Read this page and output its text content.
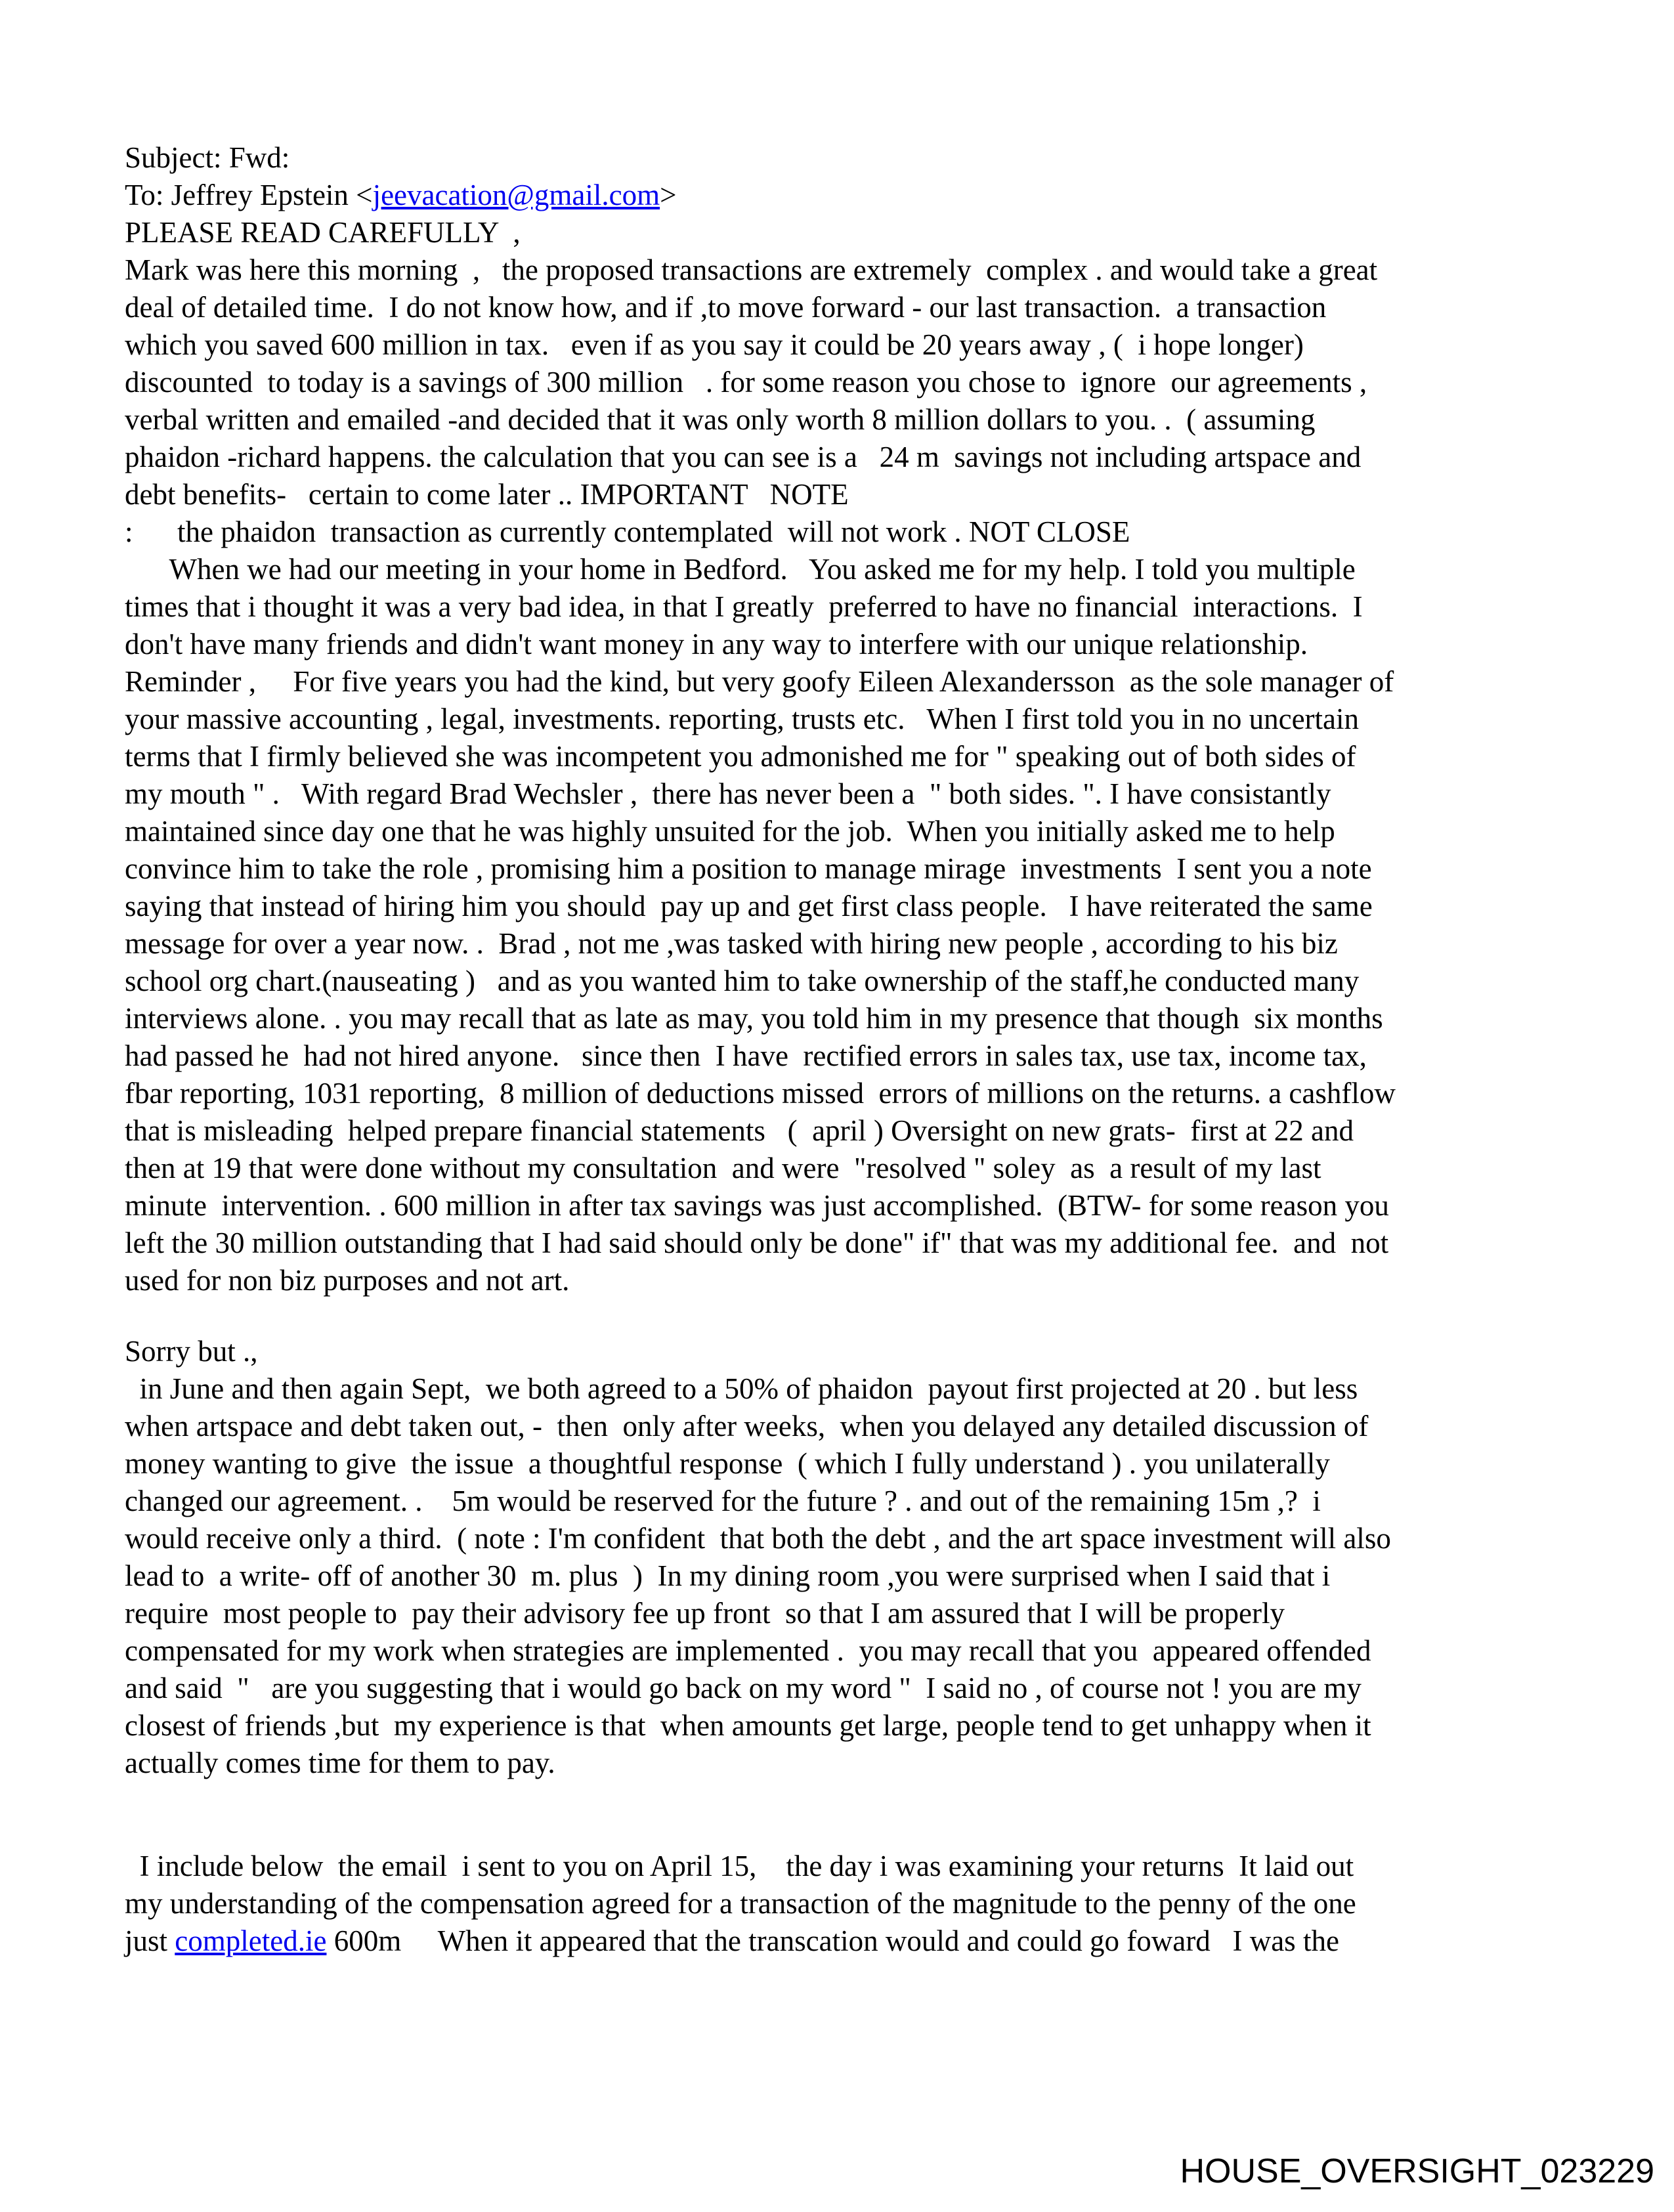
Subject: Fwd:
To: Jeffrey Epstein <jeevacation@gmail.com>
PLEASE READ CAREFULLY  ,
Mark was here this morning  ,   the proposed transactions are extremely  complex . and would take a great
deal of detailed time.  I do not know how, and if ,to move forward - our last transaction.  a transaction
which you saved 600 million in tax.   even if as you say it could be 20 years away , (  i hope longer)
discounted  to today is a savings of 300 million   . for some reason you chose to  ignore  our agreements ,
verbal written and emailed -and decided that it was only worth 8 million dollars to you. .  ( assuming
phaidon -richard happens. the calculation that you can see is a   24 m  savings not including artspace and
debt benefits-   certain to come later .. IMPORTANT   NOTE
:      the phaidon  transaction as currently contemplated  will not work . NOT CLOSE
When we had our meeting in your home in Bedford.   You asked me for my help. I told you multiple
times that i thought it was a very bad idea, in that I greatly  preferred to have no financial  interactions.  I
don't have many friends and didn't want money in any way to interfere with our unique relationship.
Reminder ,     For five years you had the kind, but very goofy Eileen Alexandersson  as the sole manager of
your massive accounting , legal, investments. reporting, trusts etc.   When I first told you in no uncertain
terms that I firmly believed she was incompetent you admonished me for " speaking out of both sides of
my mouth " .   With regard Brad Wechsler ,  there has never been a  " both sides. ". I have consistantly
maintained since day one that he was highly unsuited for the job.  When you initially asked me to help
convince him to take the role , promising him a position to manage mirage  investments  I sent you a note
saying that instead of hiring him you should  pay up and get first class people.   I have reiterated the same
message for over a year now. .  Brad , not me ,was tasked with hiring new people , according to his biz
school org chart.(nauseating )   and as you wanted him to take ownership of the staff,he conducted many
interviews alone. . you may recall that as late as may, you told him in my presence that though  six months
had passed he  had not hired anyone.   since then  I have  rectified errors in sales tax, use tax, income tax,
fbar reporting, 1031 reporting,  8 million of deductions missed  errors of millions on the returns. a cashflow
that is misleading  helped prepare financial statements   (  april ) Oversight on new grats-  first at 22 and
then at 19 that were done without my consultation  and were  "resolved " soley  as  a result of my last
minute  intervention. . 600 million in after tax savings was just accomplished.  (BTW- for some reason you
left the 30 million outstanding that I had said should only be done" if" that was my additional fee.  and  not
used for non biz purposes and not art.
Sorry but .,
in June and then again Sept,  we both agreed to a 50% of phaidon  payout first projected at 20 . but less
when artspace and debt taken out, -  then  only after weeks,  when you delayed any detailed discussion of
money wanting to give  the issue  a thoughtful response  ( which I fully understand ) . you unilaterally
changed our agreement. .    5m would be reserved for the future ? . and out of the remaining 15m ,?  i
would receive only a third.  ( note : I'm confident  that both the debt , and the art space investment will also
lead to  a write- off of another 30  m. plus  )  In my dining room ,you were surprised when I said that i
require  most people to  pay their advisory fee up front  so that I am assured that I will be properly
compensated for my work when strategies are implemented .  you may recall that you  appeared offended
and said  "   are you suggesting that i would go back on my word "  I said no , of course not ! you are my
closest of friends ,but  my experience is that  when amounts get large, people tend to get unhappy when it
actually comes time for them to pay.
I include below  the email  i sent to you on April 15,    the day i was examining your returns  It laid out
my understanding of the compensation agreed for a transaction of the magnitude to the penny of the one
just completed.ie 600m     When it appeared that the transcation would and could go foward   I was the
HOUSE_OVERSIGHT_023229
